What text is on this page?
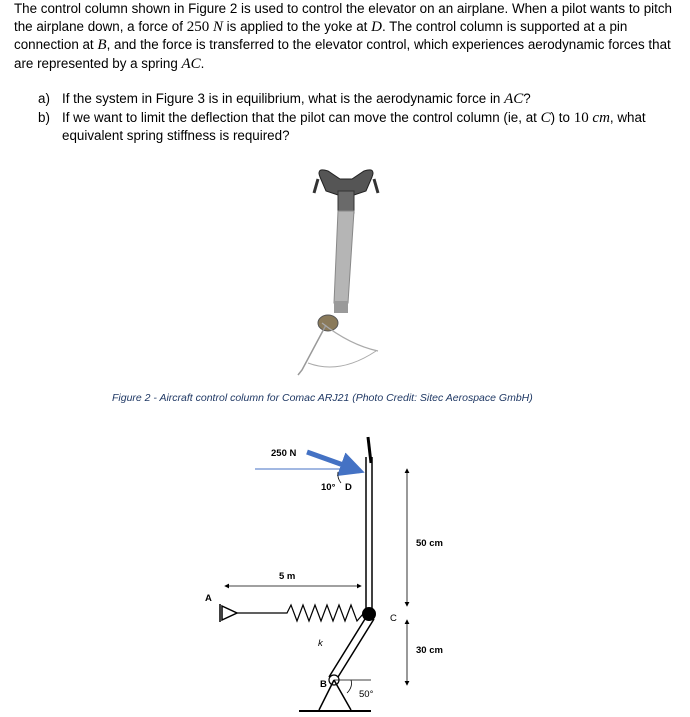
The control column shown in Figure 2 is used to control the elevator on an airplane. When a pilot wants to pitch the airplane down, a force of 250 N is applied to the yoke at D. The control column is supported at a pin connection at B, and the force is transferred to the elevator control, which experiences aerodynamic forces that are represented by a spring AC.
a) If the system in Figure 3 is in equilibrium, what is the aerodynamic force in AC?
b) If we want to limit the deflection that the pilot can move the control column (ie, at C) to 10 cm, what equivalent spring stiffness is required?
Figure 2 - Aircraft control column for Comac ARJ21 (Photo Credit: Sitec Aerospace GmbH)
250 N
10° D
5 m
A
k
C
B
50°
50 cm
30 cm
